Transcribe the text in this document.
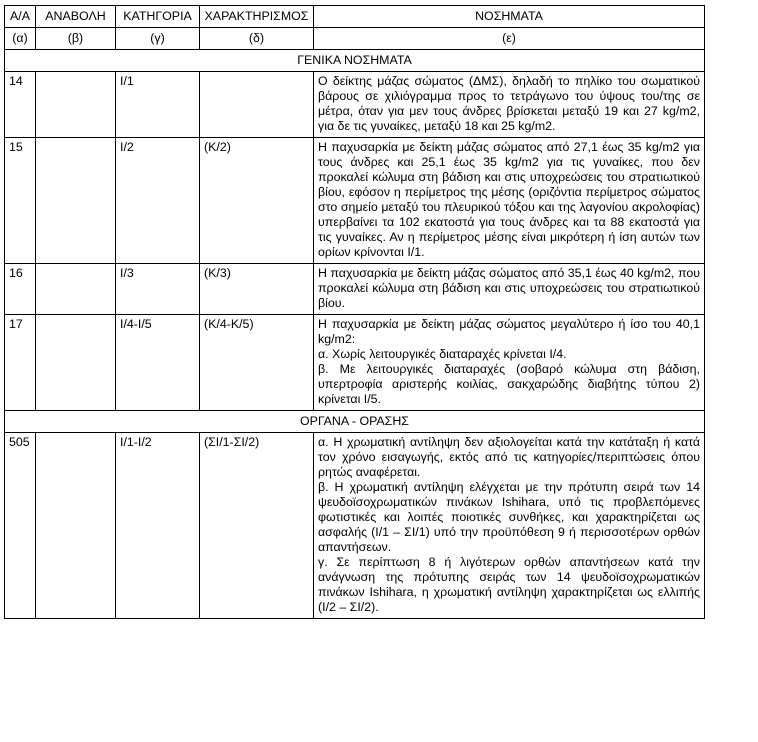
Α/Α	ΑΝΑΒΟΛΗ	ΚΑΤΗΓΟΡΙΑ	ΧΑΡΑΚΤΗΡΙΣΜΟΣ	ΝΟΣΗΜΑΤΑ
(α)	(β)	(γ)	(δ)	(ε)
ΓΕΝΙΚΑ ΝΟΣΗΜΑΤΑ				
14		Ι/1		Ο δείκτης μάζας σώματος (ΔΜΣ), δηλαδή το πηλίκο του σωματικού βάρους σε χιλιόγραμμα προς το τετράγωνο του ύψους του/της σε μέτρα, όταν για μεν τους άνδρες βρίσκεται μεταξύ 19 και 27 kg/m2, για δε τις γυναίκες, μεταξύ 18 και 25 kg/m2.

15		Ι/2	(Κ/2)	Η παχυσαρκία με δείκτη μάζας σώματος από 27,1 έως 35 kg/m2 για τους άνδρες και 25,1 έως 35 kg/m2 για τις γυναίκες, που δεν προκαλεί κώλυμα στη βάδιση και στις υποχρεώσεις του στρατιωτικού βίου, εφόσον η περίμετρος της μέσης (οριζόντια περίμετρος σώματος στο σημείο μεταξύ του πλευρικού τόξου και της λαγονίου ακρολοφίας) υπερβαίνει τα 102 εκατοστά για τους άνδρες και τα 88 εκατοστά για τις γυναίκες. Αν η περίμετρος μέσης είναι μικρότερη ή ίση αυτών των ορίων κρίνονται Ι/1.

16		Ι/3	(Κ/3)	Η παχυσαρκία με δείκτη μάζας σώματος από 35,1 έως 40 kg/m2, που προκαλεί κώλυμα στη βάδιση και στις υποχρεώσεις του στρατιωτικού βίου.

17		Ι/4-Ι/5	(Κ/4-Κ/5)	Η παχυσαρκία με δείκτη μάζας σώματος μεγαλύτερο ή ίσο του 40,1 kg/m2:
α. Χωρίς λειτουργικές διαταραχές κρίνεται Ι/4.
β. Με λειτουργικές διαταραχές (σοβαρό κώλυμα στη βάδιση, υπερτροφία αριστερής κοιλίας, σακχαρώδης διαβήτης τύπου 2) κρίνεται Ι/5.

ΟΡΓΑΝΑ - ΟΡΑΣΗΣ				
505		Ι/1-Ι/2	(ΣΙ/1-ΣΙ/2)	α. Η χρωματική αντίληψη δεν αξιολογείται κατά την κατάταξη ή κατά τον χρόνο εισαγωγής, εκτός από τις κατηγορίες/περιπτώσεις όπου ρητώς αναφέρεται.
β. Η χρωματική αντίληψη ελέγχεται με την πρότυπη σειρά των 14 ψευδοϊσοχρωματικών πινάκων Ishihara, υπό τις προβλεπόμενες φωτιστικές και λοιπές ποιοτικές συνθήκες, και χαρακτηρίζεται ως ασφαλής (Ι/1 – ΣΙ/1) υπό την προϋπόθεση 9 ή περισσοτέρων ορθών απαντήσεων.
γ. Σε περίπτωση 8 ή λιγότερων ορθών απαντήσεων κατά την ανάγνωση της πρότυπης σειράς των 14 ψευδοϊσοχρωματικών πινάκων Ishihara, η χρωματική αντίληψη χαρακτηρίζεται ως ελλιπής (Ι/2 – ΣΙ/2).
